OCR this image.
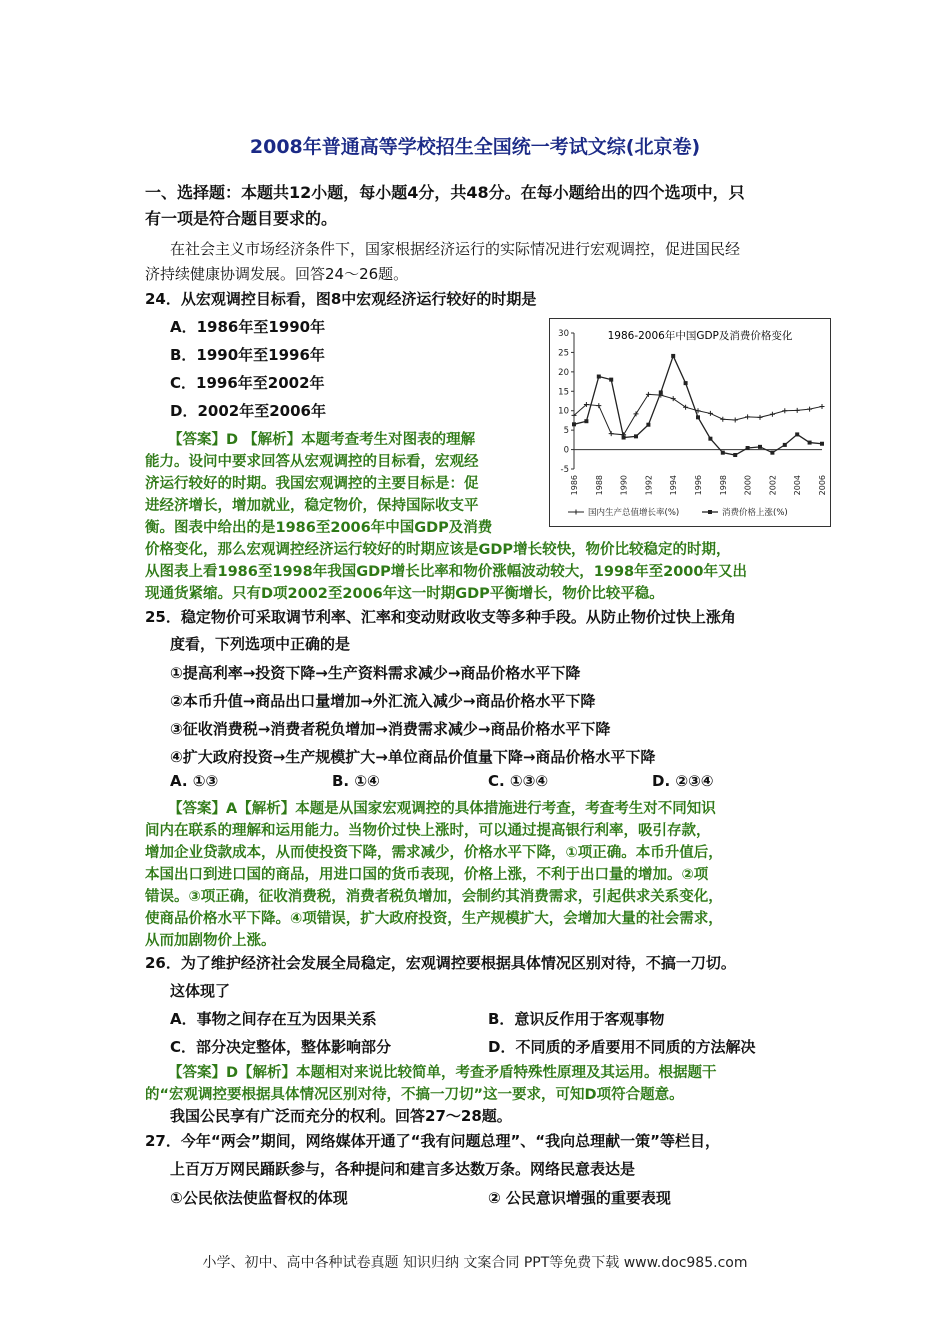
2008年普通高等学校招生全国统一考试文综(北京卷)
一、选择题：本题共12小题，每小题4分，共48分。在每小题给出的四个选项中，只
有一项是符合题目要求的。
在社会主义市场经济条件下，国家根据经济运行的实际情况进行宏观调控，促进国民经
济持续健康协调发展。回答24～26题。
24．从宏观调控目标看，图8中宏观经济运行较好的时期是
A．1986年至1990年
B．1990年至1996年
C．1996年至2002年
D．2002年至2006年
【答案】D 【解析】本题考查考生对图表的理解
能力。设问中要求回答从宏观调控的目标看，宏观经
济运行较好的时期。我国宏观调控的主要目标是：促
进经济增长，增加就业，稳定物价，保持国际收支平
衡。图表中给出的是1986至2006年中国GDP及消费
价格变化，那么宏观调控经济运行较好的时期应该是GDP增长较快，物价比较稳定的时期，
从图表上看1986至1998年我国GDP增长比率和物价涨幅波动较大，1998年至2000年又出
现通货紧缩。只有D项2002至2006年这一时期GDP平衡增长，物价比较平稳。
1986-2006年中国GDP及消费价格变化
30
25
20
15
10
5
0
-5
1986 1988 1990 1992 1994 1996 1998 2000 2002 2004 2006
国内生产总值增长率(%)	消费价格上涨(%)
25．稳定物价可采取调节利率、汇率和变动财政收支等多种手段。从防止物价过快上涨角
度看，下列选项中正确的是
①提高利率→投资下降→生产资料需求减少→商品价格水平下降
②本币升值→商品出口量增加→外汇流入减少→商品价格水平下降
③征收消费税→消费者税负增加→消费需求减少→商品价格水平下降
④扩大政府投资→生产规模扩大→单位商品价值量下降→商品价格水平下降
A. ①③	B. ①④	C. ①③④	D. ②③④
【答案】A【解析】本题是从国家宏观调控的具体措施进行考查，考查考生对不同知识
间内在联系的理解和运用能力。当物价过快上涨时，可以通过提高银行利率，吸引存款，
增加企业贷款成本，从而使投资下降，需求减少，价格水平下降，①项正确。本币升值后，
本国出口到进口国的商品，用进口国的货币表现，价格上涨，不利于出口量的增加。②项
错误。③项正确，征收消费税，消费者税负增加，会制约其消费需求，引起供求关系变化，
使商品价格水平下降。④项错误，扩大政府投资，生产规模扩大，会增加大量的社会需求，
从而加剧物价上涨。
26．为了维护经济社会发展全局稳定，宏观调控要根据具体情况区别对待，不搞一刀切。
这体现了
A．事物之间存在互为因果关系	B．意识反作用于客观事物
C．部分决定整体，整体影响部分	D．不同质的矛盾要用不同质的方法解决
【答案】D【解析】本题相对来说比较简单，考查矛盾特殊性原理及其运用。根据题干
的“宏观调控要根据具体情况区别对待，不搞一刀切”这一要求，可知D项符合题意。
我国公民享有广泛而充分的权利。回答27～28题。
27．今年“两会”期间，网络媒体开通了“我有问题总理”、“我向总理献一策”等栏目，
上百万万网民踊跃参与，各种提问和建言多达数万条。网络民意表达是
①公民依法使监督权的体现	② 公民意识增强的重要表现
小学、初中、高中各种试卷真题 知识归纳 文案合同 PPT等免费下载 www.doc985.com
